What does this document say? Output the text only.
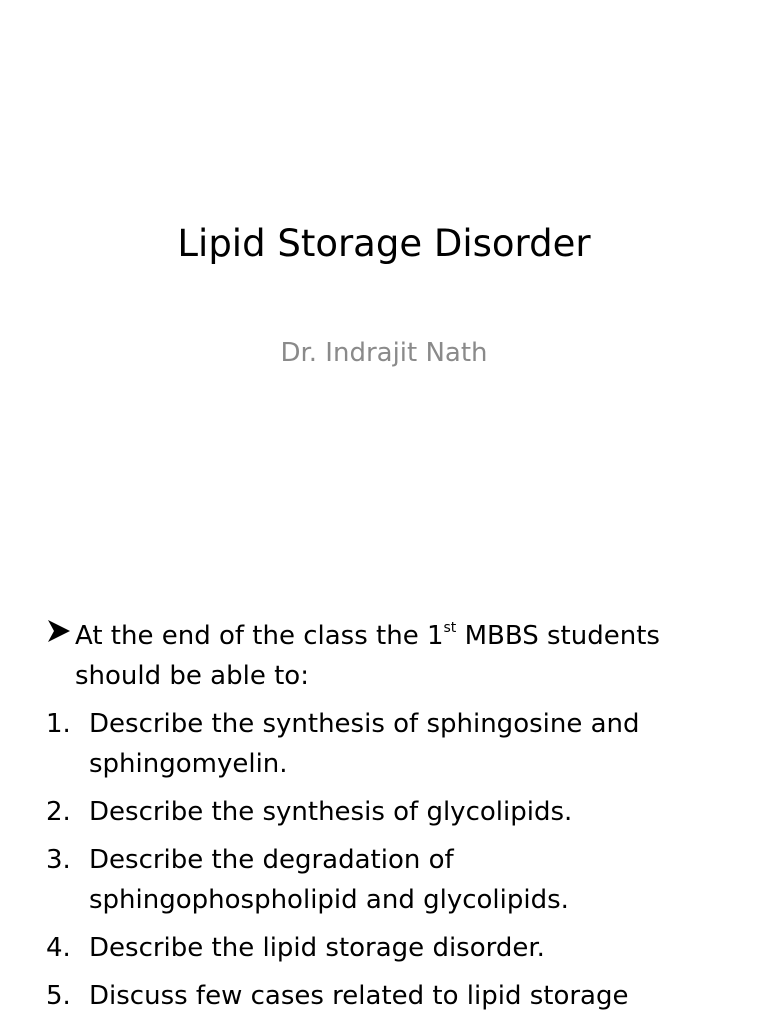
Lipid Storage Disorder
Dr. Indrajit Nath
At the end of the class the 1st MBBS students should be able to:
1. Describe the synthesis of sphingosine and sphingomyelin.
2. Describe the synthesis of glycolipids.
3. Describe the degradation of sphingophospholipid and glycolipids.
4. Describe the lipid storage disorder.
5. Discuss few cases related to lipid storage
